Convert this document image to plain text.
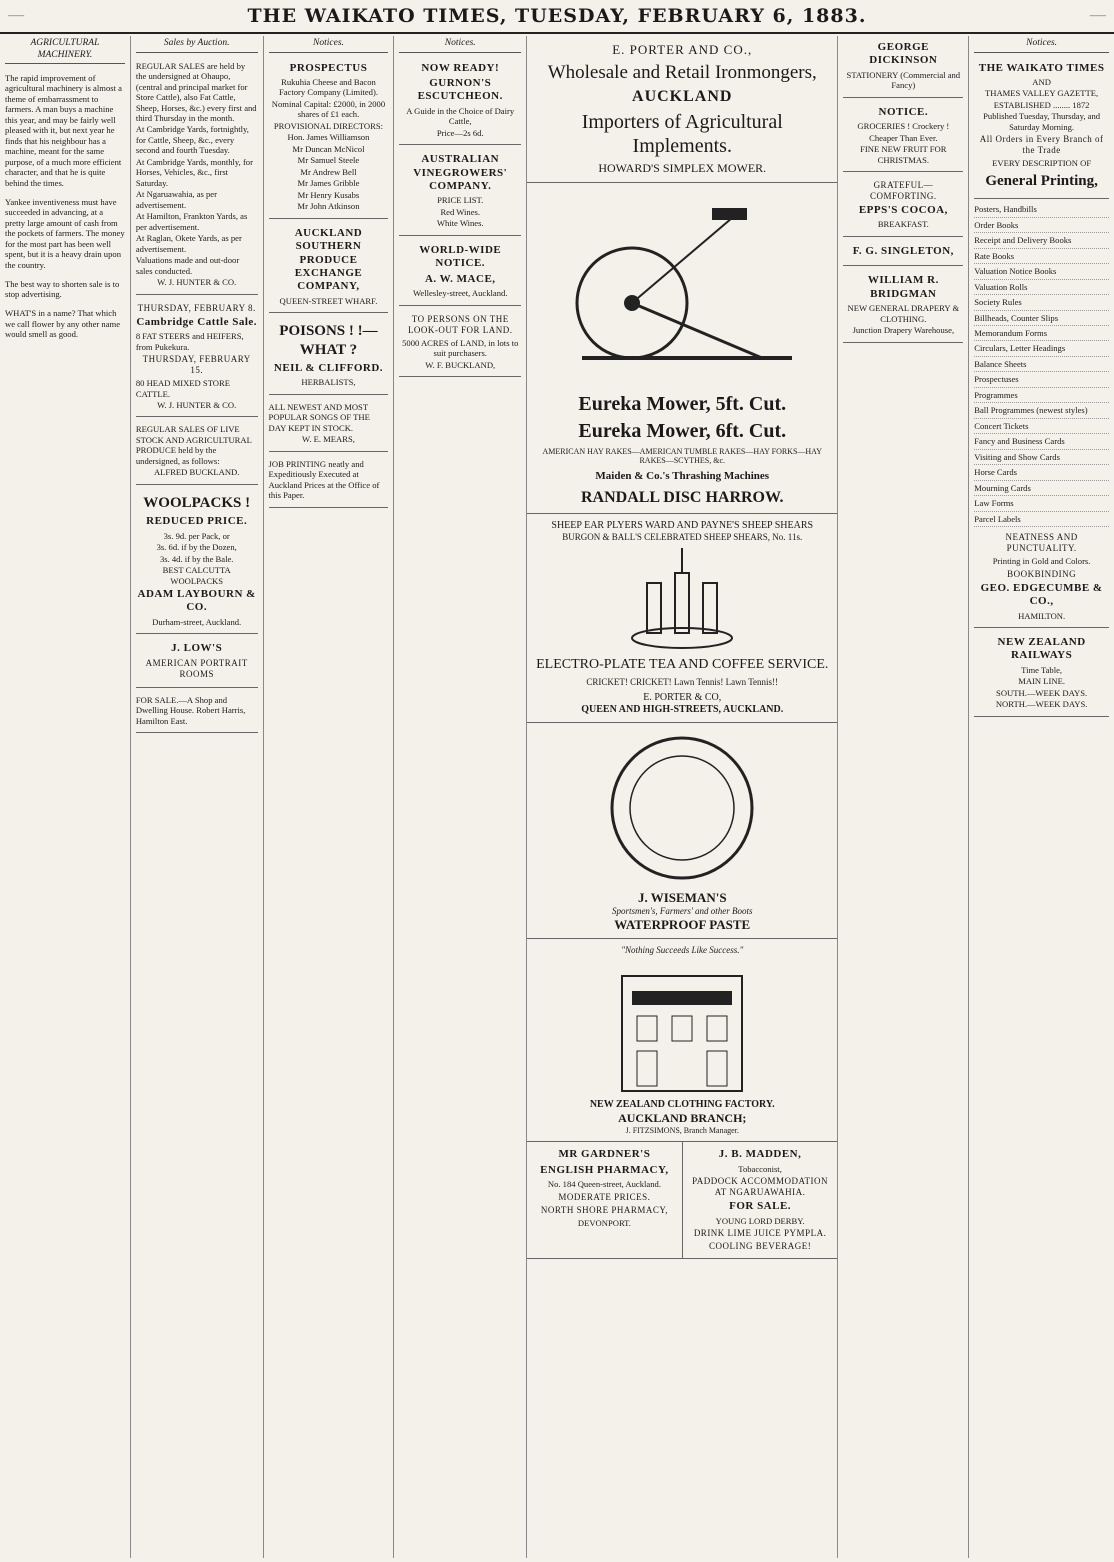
———	THE WAIKATO TIMES, TUESDAY, FEBRUARY 6, 1883.	———
AGRICULTURAL MACHINERY.

The rapid improvement of agricultural machinery is almost a theme of embarrassment to farmers. A man buys a machine this year, and may be fairly well pleased with it, but next year he finds that his neighbour has a machine, meant for the same purpose, of a much more efficient character, and that he is quite behind the times.

Yankee inventiveness must have succeeded in advancing, at a pretty large amount of cash from the pockets of farmers. The money for the most part has been well spent, but it is a heavy drain upon the country.

The best way to shorten sale is to stop advertising.

WHAT'S in a name? That which we call flower by any other name would smell as good.

Sales by Auction.

REGULAR SALES are held by the undersigned at Ohaupo, (central and principal market for Store Cattle), also Fat Cattle, Sheep, Horses, &c.) every first and third Thursday in the month.

At Cambridge Yards, fortnightly, for Cattle, Sheep, &c., every second and fourth Tuesday.

At Cambridge Yards, monthly, for Horses, Vehicles, &c., first Saturday.

At Ngaruawahia, as per advertisement.

At Hamilton, Frankton Yards, as per advertisement.

At Raglan, Okete Yards, as per advertisement.

Valuations made and out-door sales conducted.

W. J. HUNTER & CO.

THURSDAY, FEBRUARY 8.
Cambridge Cattle Sale.

8 FAT STEERS and HEIFERS, from Pukekura.

THURSDAY, FEBRUARY 15.

80 HEAD MIXED STORE CATTLE.

W. J. HUNTER & CO.

REGULAR SALES OF LIVE STOCK AND AGRICULTURAL PRODUCE held by the undersigned, as follows:

ALFRED BUCKLAND.

WOOLPACKS !
REDUCED PRICE.

3s. 9d. per Pack, or

3s. 6d. if by the Dozen,

3s. 4d. if by the Bale.

BEST CALCUTTA WOOLPACKS

ADAM LAYBOURN & CO.

Durham-street, Auckland.

J. LOW'S
AMERICAN PORTRAIT ROOMS

FOR SALE.—A Shop and Dwelling House. Robert Harris, Hamilton East.

Notices.
PROSPECTUS

Rukuhia Cheese and Bacon Factory Company (Limited).

Nominal Capital: £2000, in 2000 shares of £1 each.

PROVISIONAL DIRECTORS:

Hon. James Williamson

Mr Duncan McNicol

Mr Samuel Steele

Mr Andrew Bell

Mr James Gribble

Mr Henry Kusabs

Mr John Atkinson

AUCKLAND SOUTHERN PRODUCE EXCHANGE COMPANY,

QUEEN-STREET WHARF.

POISONS ! !—WHAT ?
NEIL & CLIFFORD.

HERBALISTS,

ALL NEWEST AND MOST POPULAR SONGS OF THE DAY KEPT IN STOCK.

W. E. MEARS,

JOB PRINTING neatly and Expeditiously Executed at Auckland Prices at the Office of this Paper.

Notices.
NOW READY!
GURNON'S ESCUTCHEON.

A Guide in the Choice of Dairy Cattle,

Price—2s 6d.

AUSTRALIAN VINEGROWERS' COMPANY.

PRICE LIST.

Red Wines.

White Wines.

WORLD-WIDE NOTICE.
A. W. MACE,

Wellesley-street, Auckland.

TO PERSONS ON THE LOOK-OUT FOR LAND.

5000 ACRES of LAND, in lots to suit purchasers.

W. F. BUCKLAND,

E. PORTER AND CO.,
Wholesale and Retail Ironmongers,
AUCKLAND
Importers of Agricultural Implements.
HOWARD'S SIMPLEX MOWER.
Eureka Mower, 5ft. Cut.
Eureka Mower, 6ft. Cut.
AMERICAN HAY RAKES—AMERICAN TUMBLE RAKES—HAY FORKS—HAY RAKES—SCYTHES, &c.
Maiden & Co.'s Thrashing Machines
RANDALL DISC HARROW.
SHEEP EAR PLYERS WARD AND PAYNE'S SHEEP SHEARS
BURGON & BALL'S CELEBRATED SHEEP SHEARS, No. 11s.
ELECTRO-PLATE TEA AND COFFEE SERVICE.
CRICKET! CRICKET! Lawn Tennis! Lawn Tennis!!
E. PORTER & CO,
QUEEN AND HIGH-STREETS, AUCKLAND.
J. WISEMAN'S
Sportsmen's, Farmers' and other Boots
WATERPROOF PASTE
"Nothing Succeeds Like Success."
NEW ZEALAND CLOTHING FACTORY.
AUCKLAND BRANCH;
J. FITZSIMONS, Branch Manager.
MR GARDNER'S
ENGLISH PHARMACY,

No. 184 Queen-street, Auckland.

MODERATE PRICES.
NORTH SHORE PHARMACY,

DEVONPORT.

J. B. MADDEN,

Tobacconist,

PADDOCK ACCOMMODATION AT NGARUAWAHIA.
FOR SALE.

YOUNG LORD DERBY.

DRINK LIME JUICE PYMPLA.
COOLING BEVERAGE!
GEORGE DICKINSON

STATIONERY (Commercial and Fancy)

NOTICE.

GROCERIES ! Crockery !

Cheaper Than Ever.

FINE NEW FRUIT FOR CHRISTMAS.

GRATEFUL—COMFORTING.
EPPS'S COCOA,

BREAKFAST.

F. G. SINGLETON,
WILLIAM R. BRIDGMAN

NEW GENERAL DRAPERY & CLOTHING.

Junction Drapery Warehouse,

Notices.
THE WAIKATO TIMES

AND

THAMES VALLEY GAZETTE,

ESTABLISHED ........ 1872

Published Tuesday, Thursday, and Saturday Morning.

All Orders in Every Branch of the Trade

EVERY DESCRIPTION OF

General Printing,

Posters, Handbills

Order Books

Receipt and Delivery Books

Rate Books

Valuation Notice Books

Valuation Rolls

Society Rules

Billheads, Counter Slips

Memorandum Forms

Circulars, Letter Headings

Balance Sheets

Prospectuses

Programmes

Ball Programmes (newest styles)

Concert Tickets

Fancy and Business Cards

Visiting and Show Cards

Horse Cards

Mourning Cards

Law Forms

Parcel Labels

NEATNESS AND PUNCTUALITY.

Printing in Gold and Colors.

BOOKBINDING
GEO. EDGECUMBE & CO.,

HAMILTON.

NEW ZEALAND RAILWAYS

Time Table,

MAIN LINE.

SOUTH.—WEEK DAYS.

NORTH.—WEEK DAYS.
